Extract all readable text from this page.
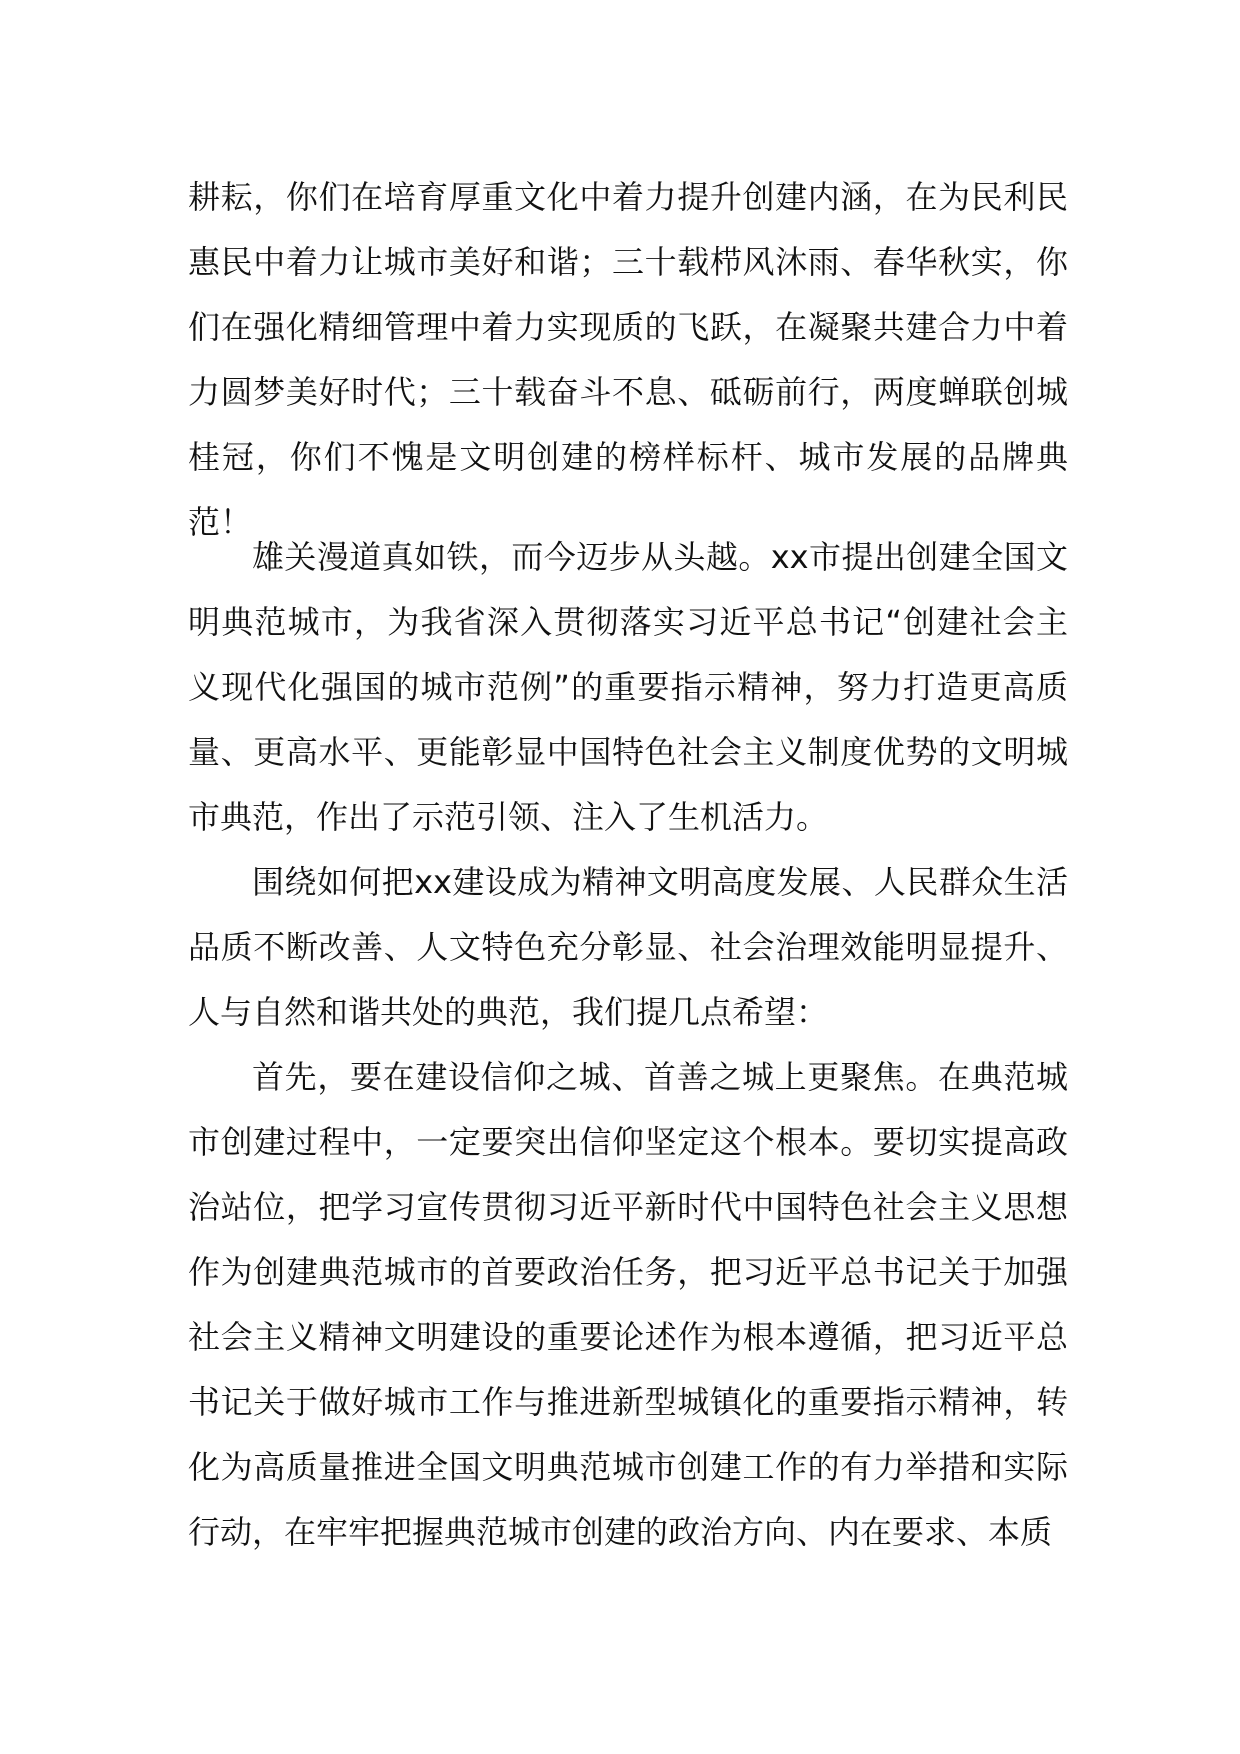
耕耘，你们在培育厚重文化中着力提升创建内涵，在为民利民惠民中着力让城市美好和谐；三十载栉风沐雨、春华秋实，你们在强化精细管理中着力实现质的飞跃，在凝聚共建合力中着力圆梦美好时代；三十载奋斗不息、砥砺前行，两度蝉联创城桂冠，你们不愧是文明创建的榜样标杆、城市发展的品牌典范！

雄关漫道真如铁，而今迈步从头越。xx市提出创建全国文明典范城市，为我省深入贯彻落实习近平总书记“创建社会主义现代化强国的城市范例”的重要指示精神，努力打造更高质量、更高水平、更能彰显中国特色社会主义制度优势的文明城市典范，作出了示范引领、注入了生机活力。

围绕如何把xx建设成为精神文明高度发展、人民群众生活品质不断改善、人文特色充分彰显、社会治理效能明显提升、人与自然和谐共处的典范，我们提几点希望：

首先，要在建设信仰之城、首善之城上更聚焦。在典范城市创建过程中，一定要突出信仰坚定这个根本。要切实提高政治站位，把学习宣传贯彻习近平新时代中国特色社会主义思想作为创建典范城市的首要政治任务，把习近平总书记关于加强社会主义精神文明建设的重要论述作为根本遵循，把习近平总书记关于做好城市工作与推进新型城镇化的重要指示精神，转化为高质量推进全国文明典范城市创建工作的有力举措和实际行动，在牢牢把握典范城市创建的政治方向、内在要求、本质
